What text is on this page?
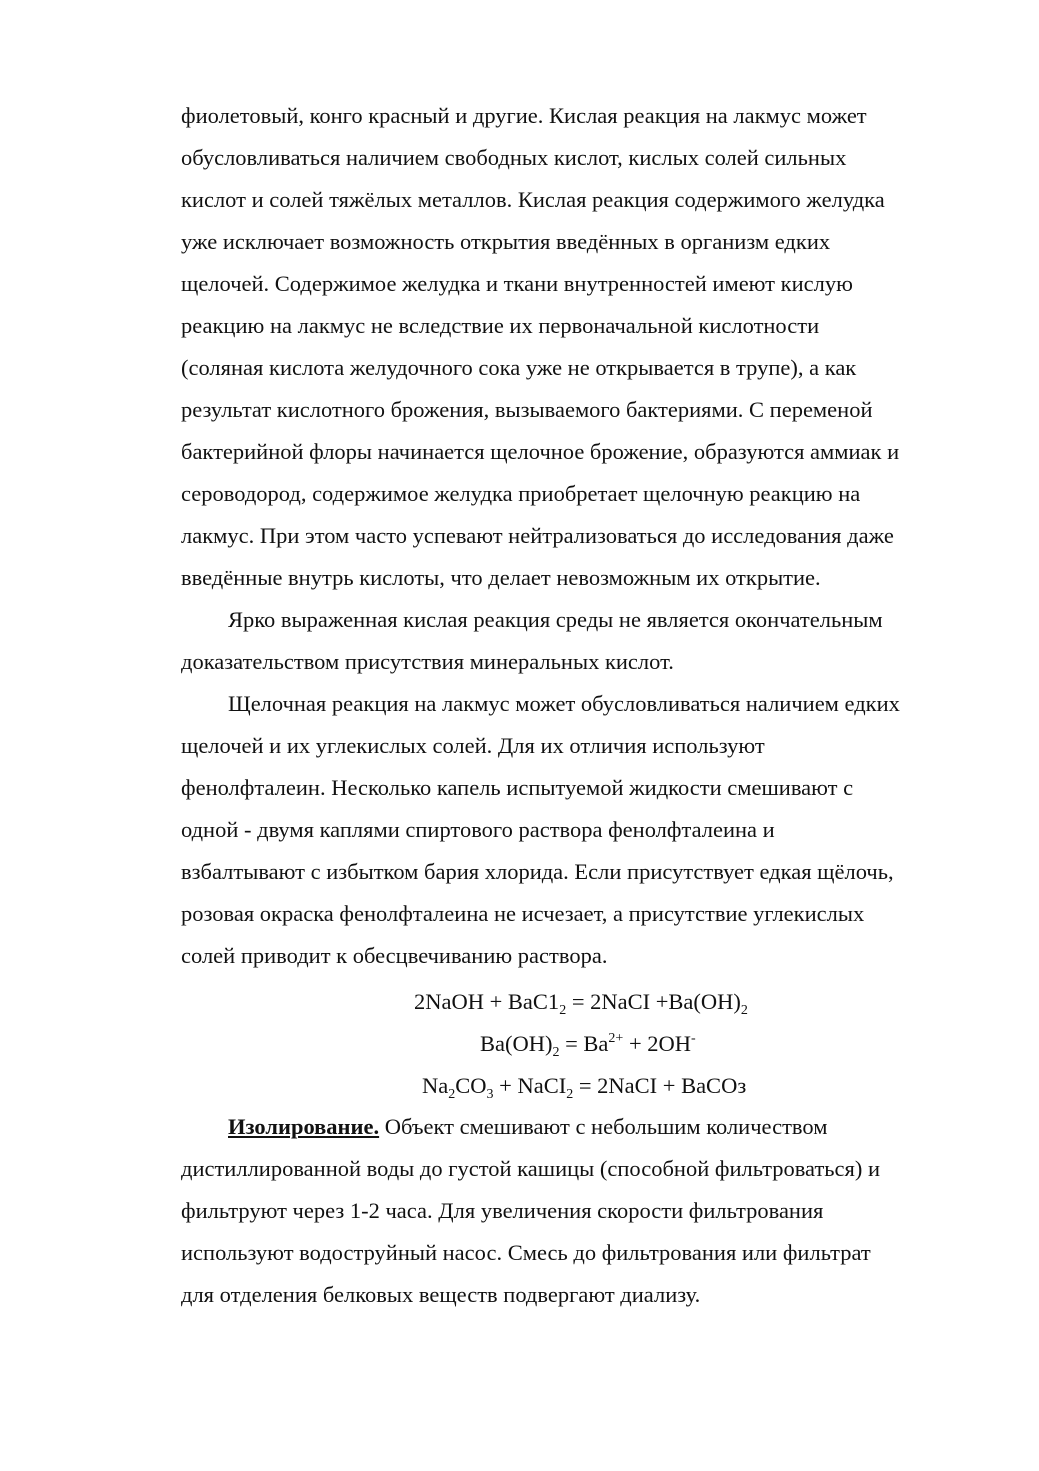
фиолетовый, конго красный и другие. Кислая реакция на лакмус может
обусловливаться наличием свободных кислот, кислых солей сильных
кислот и солей тяжёлых металлов. Кислая реакция содержимого желудка
уже исключает возможность открытия введённых в организм едких
щелочей. Содержимое желудка и ткани внутренностей имеют кислую
реакцию на лакмус не вследствие их первоначальной кислотности
(соляная кислота желудочного сока уже не открывается в трупе), а как
результат кислотного брожения, вызываемого бактериями. С переменой
бактерийной флоры начинается щелочное брожение, образуются аммиак и
сероводород, содержимое желудка приобретает щелочную реакцию на
лакмус. При этом часто успевают нейтрализоваться до исследования даже
введённые внутрь кислоты, что делает невозможным их открытие.
Ярко выраженная кислая реакция среды не является окончательным
доказательством присутствия минеральных кислот.
Щелочная реакция на лакмус может обусловливаться наличием едких
щелочей и их углекислых солей. Для их отличия используют
фенолфталеин. Несколько капель испытуемой жидкости смешивают с
одной - двумя каплями спиртового раствора фенолфталеина и
взбалтывают с избытком бария хлорида. Если присутствует едкая щёлочь,
розовая окраска фенолфталеина не исчезает, а присутствие углекислых
солей приводит к обесцвечиванию раствора.
2NaOH + $BaC1_2$ = 2NaCI $+Ba(OH)_2$
$Ba(OH)_2 = Ba^{2+} + 2OH^-$
$Na_2CO_3$ + NaCI$_2$ = 2NaCI + BaCOз
Изолирование. Объект смешивают с небольшим количеством
дистиллированной воды до густой кашицы (способной фильтроваться) и
фильтруют через 1-2 часа. Для увеличения скорости фильтрования
используют водоструйный насос. Смесь до фильтрования или фильтрат
для отделения белковых веществ подвергают диализу.
